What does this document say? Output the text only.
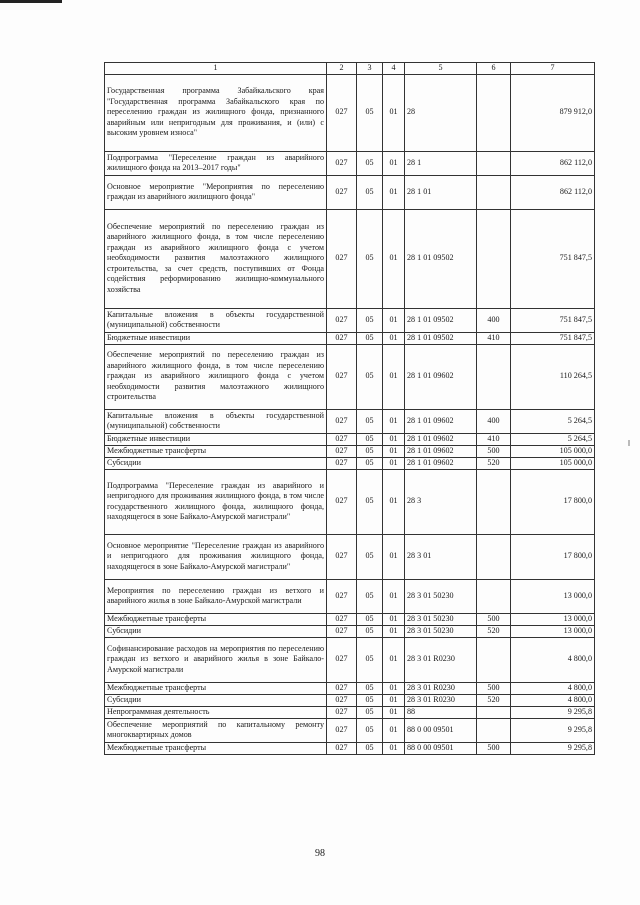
1	2	3	4	5	6	7
Государственная программа Забайкальского края "Государственная программа Забайкальского края по переселению граждан из жилищного фонда, признанного аварийным или непригодным для проживания, и (или) с высоким уровнем износа"	027	05	01	28		879 912,0
Подпрограмма "Переселение граждан из аварийного жилищного фонда на 2013–2017 годы"	027	05	01	28 1		862 112,0
Основное мероприятие "Мероприятия по переселению граждан из аварийного жилищного фонда"	027	05	01	28 1 01		862 112,0
Обеспечение мероприятий по переселению граждан из аварийного жилищного фонда, в том числе переселению граждан из аварийного жилищного фонда с учетом необходимости развития малоэтажного жилищного строительства, за счет средств, поступивших от Фонда содействия реформированию жилищно-коммунального хозяйства	027	05	01	28 1 01 09502		751 847,5
Капитальные вложения в объекты государственной (муниципальной) собственности	027	05	01	28 1 01 09502	400	751 847,5
Бюджетные инвестиции	027	05	01	28 1 01 09502	410	751 847,5
Обеспечение мероприятий по переселению граждан из аварийного жилищного фонда, в том числе переселению граждан из аварийного жилищного фонда с учетом необходимости развития малоэтажного жилищного строительства	027	05	01	28 1 01 09602		110 264,5
Капитальные вложения в объекты государственной (муниципальной) собственности	027	05	01	28 1 01 09602	400	5 264,5
Бюджетные инвестиции	027	05	01	28 1 01 09602	410	5 264,5
Межбюджетные трансферты	027	05	01	28 1 01 09602	500	105 000,0
Субсидии	027	05	01	28 1 01 09602	520	105 000,0
Подпрограмма "Переселение граждан из аварийного и непригодного для проживания жилищного фонда, в том числе государственного жилищного фонда, жилищного фонда, находящегося в зоне Байкало-Амурской магистрали"	027	05	01	28 3		17 800,0
Основное мероприятие "Переселение граждан из аварийного и непригодного для проживания жилищного фонда, находящегося в зоне Байкало-Амурской магистрали"	027	05	01	28 3 01		17 800,0
Мероприятия по переселению граждан из ветхого и аварийного жилья в зоне Байкало-Амурской магистрали	027	05	01	28 3 01 50230		13 000,0
Межбюджетные трансферты	027	05	01	28 3 01 50230	500	13 000,0
Субсидии	027	05	01	28 3 01 50230	520	13 000,0
Софинансирование расходов на мероприятия по переселению граждан из ветхого и аварийного жилья в зоне Байкало-Амурской магистрали	027	05	01	28 3 01 R0230		4 800,0
Межбюджетные трансферты	027	05	01	28 3 01 R0230	500	4 800,0
Субсидии	027	05	01	28 3 01 R0230	520	4 800,0
Непрограммная деятельность	027	05	01	88		9 295,8
Обеспечение мероприятий по капитальному ремонту многоквартирных домов	027	05	01	88 0 00 09501		9 295,8
Межбюджетные трансферты	027	05	01	88 0 00 09501	500	9 295,8
98
